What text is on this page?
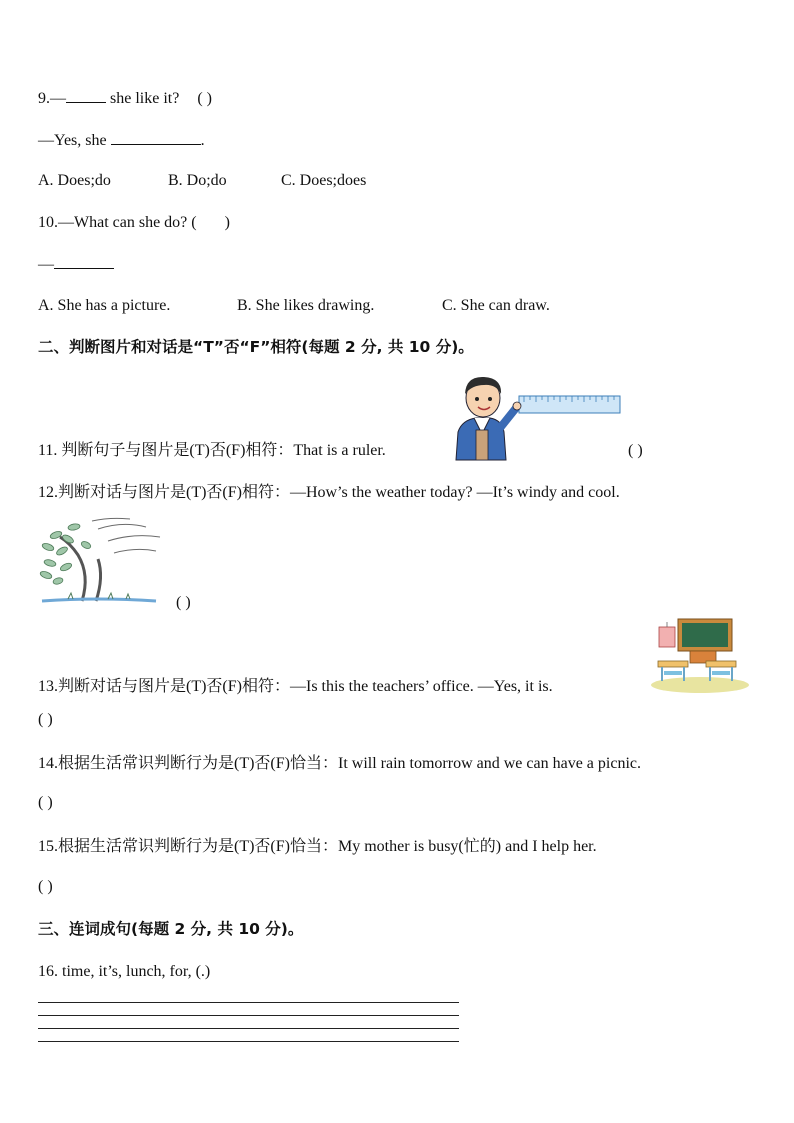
9.—	she like it? ( )
—Yes, she	.
A. Does;do	B. Do;do	C. Does;does
10.—What can she do? ( )
—
A. She has a picture.	B. She likes drawing.	C. She can draw.
二、判断图片和对话是“T”否“F”相符(每题 2 分, 共 10 分)。
11. 判断句子与图片是(T)否(F)相符：That is a ruler.	( )
12.判断对话与图片是(T)否(F)相符：—How’s the weather today? —It’s windy and cool.
( )
13.判断对话与图片是(T)否(F)相符：—Is this the teachers’ office. —Yes, it is.
( )
14.根据生活常识判断行为是(T)否(F)恰当：It will rain tomorrow and we can have a picnic.
( )
15.根据生活常识判断行为是(T)否(F)恰当：My mother is busy(忙的) and I help her.
( )
三、连词成句(每题 2 分, 共 10 分)。
16. time, it’s, lunch, for, (.)
